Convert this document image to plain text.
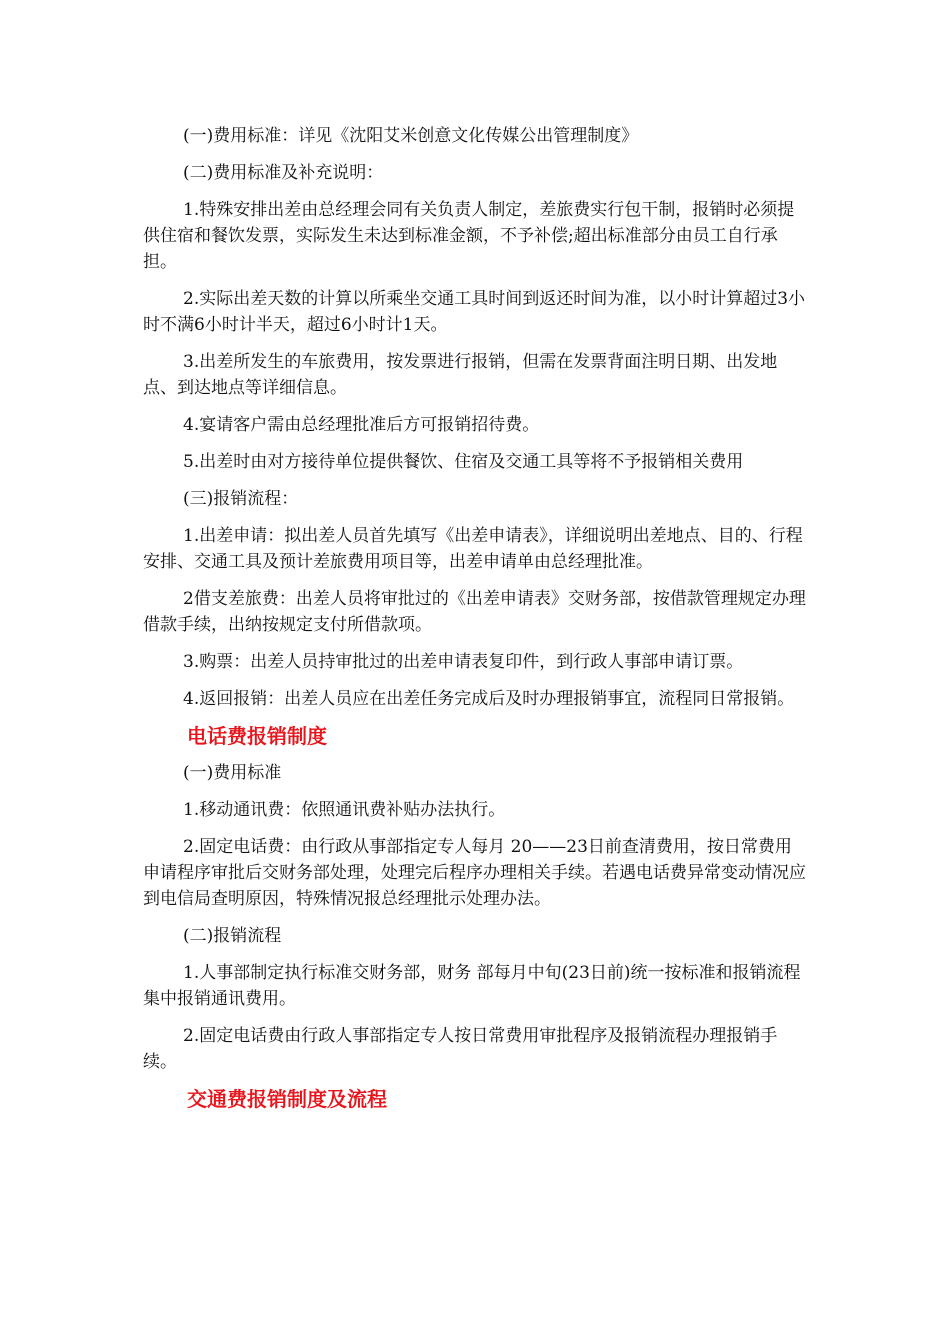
(一)费用标准：详见《沈阳艾米创意文化传媒公出管理制度》

(二)费用标准及补充说明：

1.特殊安排出差由总经理会同有关负责人制定，差旅费实行包干制，报销时必须提供住宿和餐饮发票，实际发生未达到标准金额，不予补偿;超出标准部分由员工自行承担。

2.实际出差天数的计算以所乘坐交通工具时间到返还时间为准，以小时计算超过3小时不满6小时计半天，超过6小时计1天。

3.出差所发生的车旅费用，按发票进行报销，但需在发票背面注明日期、出发地点、到达地点等详细信息。

4.宴请客户需由总经理批准后方可报销招待费。

5.出差时由对方接待单位提供餐饮、住宿及交通工具等将不予报销相关费用

(三)报销流程：

1.出差申请：拟出差人员首先填写《出差申请表》，详细说明出差地点、目的、行程安排、交通工具及预计差旅费用项目等，出差申请单由总经理批准。

2借支差旅费：出差人员将审批过的《出差申请表》交财务部，按借款管理规定办理借款手续，出纳按规定支付所借款项。

3.购票：出差人员持审批过的出差申请表复印件，到行政人事部申请订票。

4.返回报销：出差人员应在出差任务完成后及时办理报销事宜，流程同日常报销。

电话费报销制度

(一)费用标准

1.移动通讯费：依照通讯费补贴办法执行。

2.固定电话费：由行政从事部指定专人每月 20——23日前查清费用，按日常费用申请程序审批后交财务部处理，处理完后程序办理相关手续。若遇电话费异常变动情况应到电信局查明原因，特殊情况报总经理批示处理办法。

(二)报销流程

1.人事部制定执行标准交财务部，财务 部每月中旬(23日前)统一按标准和报销流程集中报销通讯费用。

2.固定电话费由行政人事部指定专人按日常费用审批程序及报销流程办理报销手续。

交通费报销制度及流程
